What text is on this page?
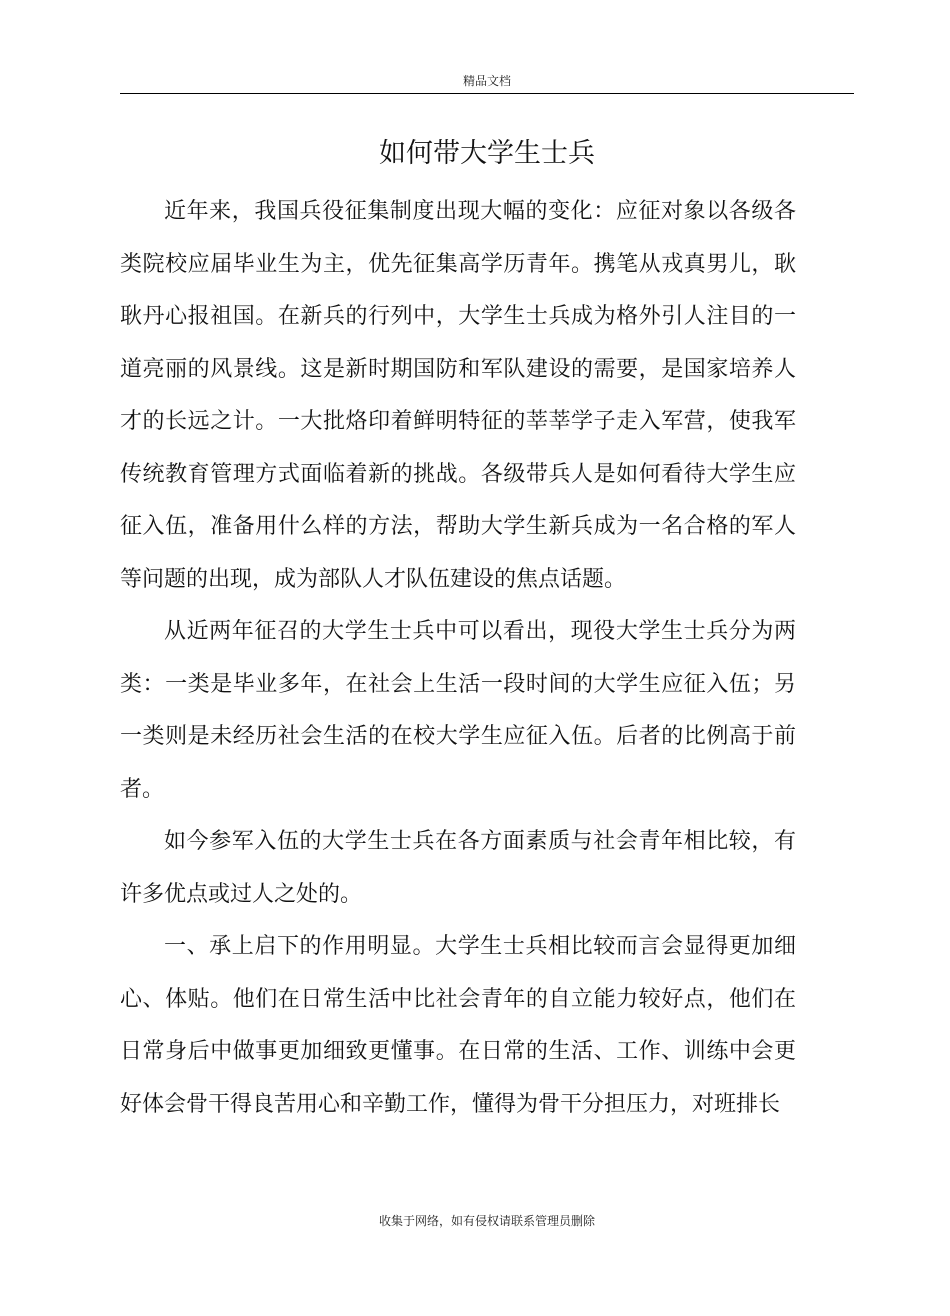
精品文档
如何带大学生士兵

近年来，我国兵役征集制度出现大幅的变化：应征对象以各级各类院校应届毕业生为主，优先征集高学历青年。携笔从戎真男儿，耿耿丹心报祖国。在新兵的行列中，大学生士兵成为格外引人注目的一道亮丽的风景线。这是新时期国防和军队建设的需要，是国家培养人才的长远之计。一大批烙印着鲜明特征的莘莘学子走入军营，使我军传统教育管理方式面临着新的挑战。各级带兵人是如何看待大学生应征入伍，准备用什么样的方法，帮助大学生新兵成为一名合格的军人等问题的出现，成为部队人才队伍建设的焦点话题。

从近两年征召的大学生士兵中可以看出，现役大学生士兵分为两类：一类是毕业多年，在社会上生活一段时间的大学生应征入伍；另一类则是未经历社会生活的在校大学生应征入伍。后者的比例高于前者。

如今参军入伍的大学生士兵在各方面素质与社会青年相比较，有许多优点或过人之处的。

一、承上启下的作用明显。大学生士兵相比较而言会显得更加细心、体贴。他们在日常生活中比社会青年的自立能力较好点，他们在日常身后中做事更加细致更懂事。在日常的生活、工作、训练中会更好体会骨干得良苦用心和辛勤工作，懂得为骨干分担压力，对班排长

收集于网络，如有侵权请联系管理员删除
